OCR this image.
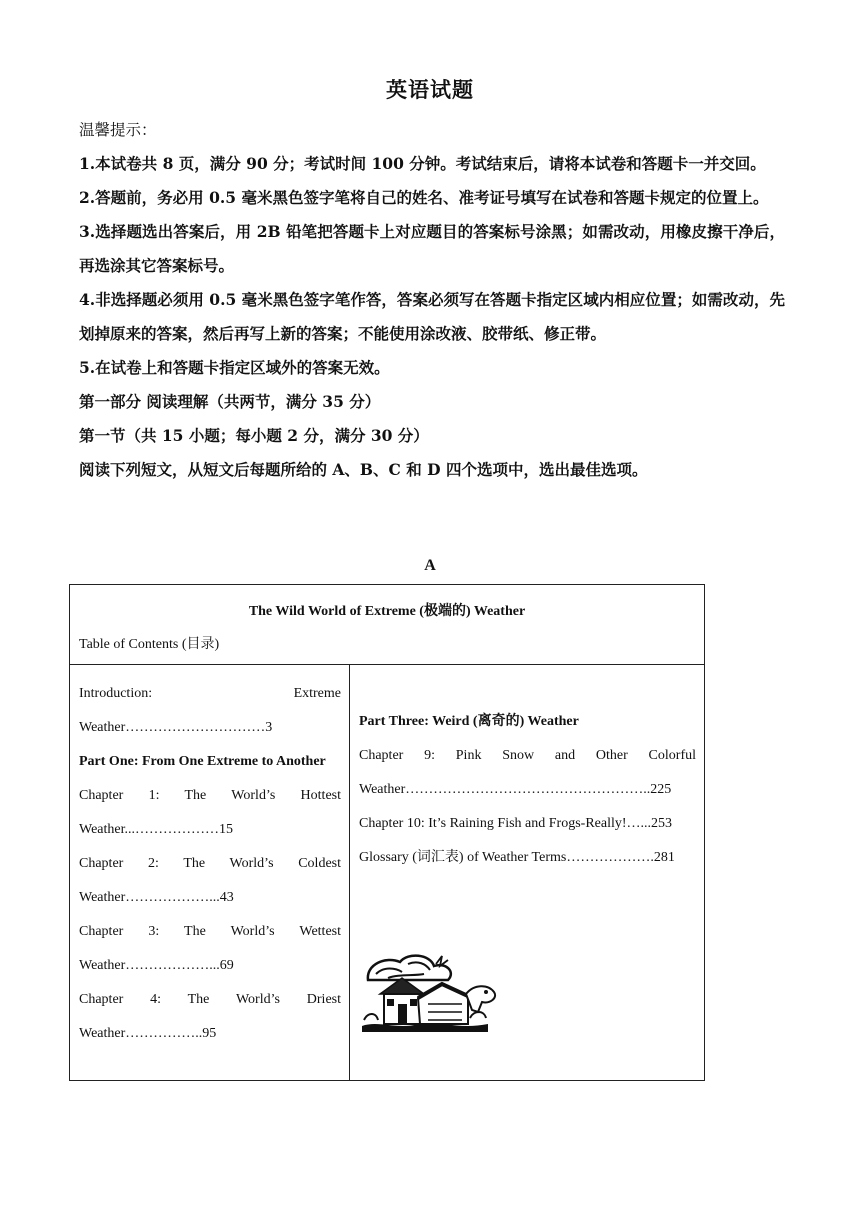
英语试题

温馨提示：

1.本试卷共 8 页，满分 90 分；考试时间 100 分钟。考试结束后，请将本试卷和答题卡一并交回。

2.答题前，务必用 0.5 毫米黑色签字笔将自己的姓名、准考证号填写在试卷和答题卡规定的位置上。

3.选择题选出答案后，用 2B 铅笔把答题卡上对应题目的答案标号涂黑；如需改动，用橡皮擦干净后，再选涂其它答案标号。

4.非选择题必须用 0.5 毫米黑色签字笔作答，答案必须写在答题卡指定区域内相应位置；如需改动，先划掉原来的答案，然后再写上新的答案；不能使用涂改液、胶带纸、修正带。

5.在试卷上和答题卡指定区域外的答案无效。

第一部分 阅读理解（共两节，满分 35 分）

第一节（共 15 小题；每小题 2 分，满分 30 分）

阅读下列短文，从短文后每题所给的 A、B、C 和 D 四个选项中，选出最佳选项。

A
The Wild World of Extreme (极端的) Weather
Table of Contents (目录)

Introduction: Extreme Weather…………………………3

Part One: From One Extreme to Another

Chapter 1: The World’s Hottest Weather...………………15

Chapter 2: The World’s Coldest Weather………………...43

Chapter 3: The World’s Wettest Weather………………...69

Chapter 4: The World’s Driest Weather……………..95

Part Three: Weird (离奇的) Weather

Chapter 9: Pink Snow and Other Colorful Weather……………………………………………..225

Chapter 10: It’s Raining Fish and Frogs-Really!…...253

Glossary (词汇表) of Weather Terms……………….281
